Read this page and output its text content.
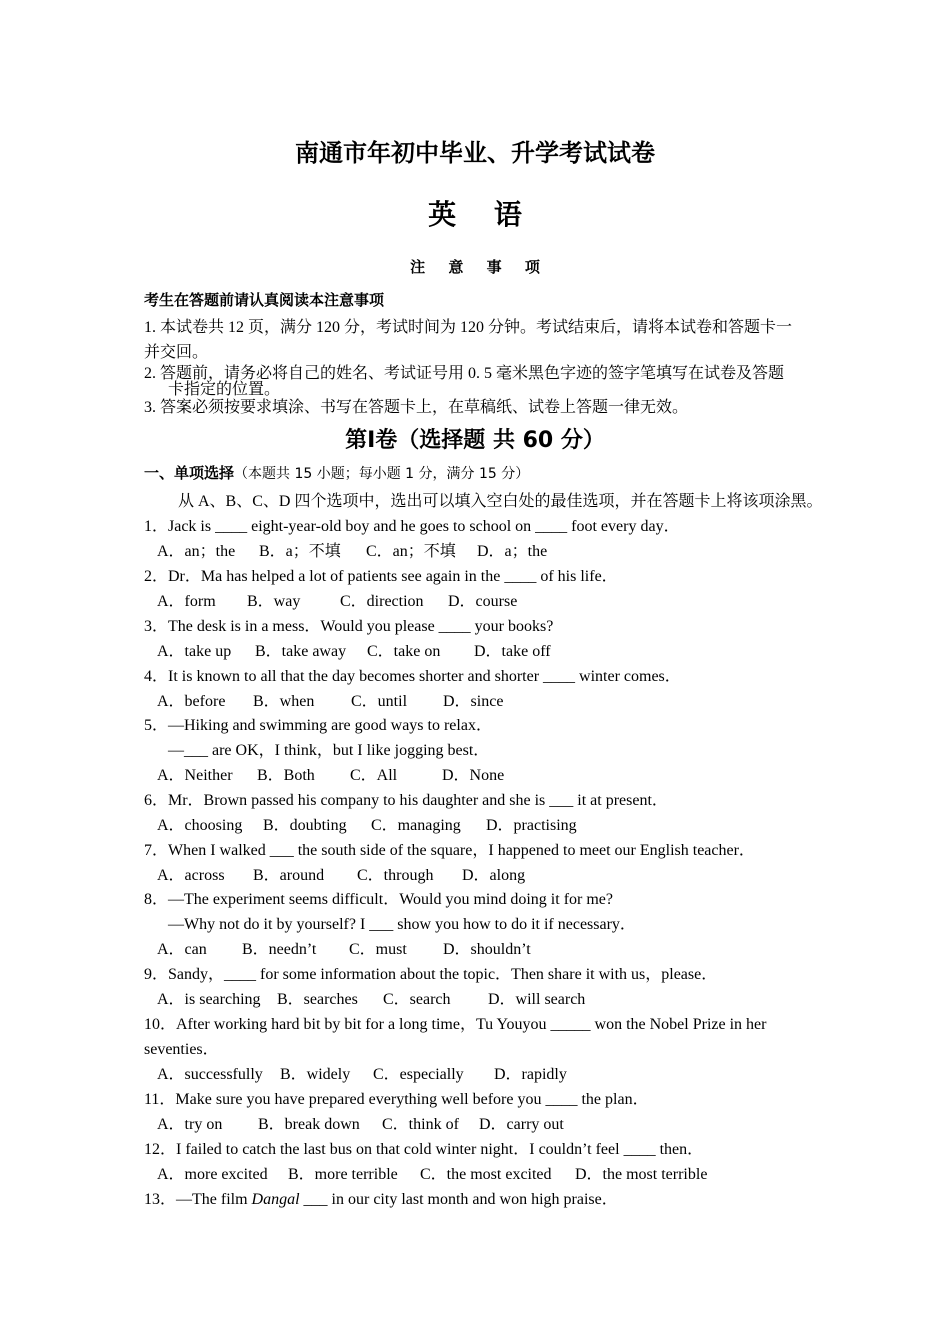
南通市年初中毕业、升学考试试卷
英 语
注 意 事 项
考生在答题前请认真阅读本注意事项
1. 本试卷共 12 页，满分 120 分，考试时间为 120 分钟。考试结束后，请将本试卷和答题卡一
并交回。
2. 答题前，请务必将自己的姓名、考试证号用 0. 5 毫米黑色字迹的签字笔填写在试卷及答题
卡指定的位置。
3. 答案必须按要求填涂、书写在答题卡上，在草稿纸、试卷上答题一律无效。
第Ⅰ卷（选择题 共 60 分）
一、单项选择（本题共 15 小题；每小题 1 分，满分 15 分）
从 A、B、C、D 四个选项中，选出可以填入空白处的最佳选项，并在答题卡上将该项涂黑。
1．Jack is ____ eight-year-old boy and he goes to school on ____ foot every day．
A．an；the B．a；不填 C．an；不填 D．a；the
2．Dr．Ma has helped a lot of patients see again in the ____ of his life．
A．form B．way C．direction D．course
3．The desk is in a mess．Would you please ____ your books?
A．take up B．take away C．take on D．take off
4．It is known to all that the day becomes shorter and shorter ____ winter comes．
A．before B．when C．until D．since
5．—Hiking and swimming are good ways to relax．
—___ are OK，I think，but I like jogging best．
A．Neither B．Both C．All	D．None
6．Mr．Brown passed his company to his daughter and she is ___ it at present．
A．choosing B．doubting C．managing D．practising
7．When I walked ___ the south side of the square，I happened to meet our English teacher．
A．across B．around C．through D．along
8．—The experiment seems difficult．Would you mind doing it for me?
—Why not do it by yourself? I ___ show you how to do it if necessary．
A．can B．needn’t C．must D．shouldn’t
9．Sandy，____ for some information about the topic．Then share it with us，please．
A．is searching B．searches C．search D．will search
10．After working hard bit by bit for a long time，Tu Youyou _____ won the Nobel Prize in her
seventies．
A．successfully B．widely C．especially D．rapidly
11．Make sure you have prepared everything well before you ____ the plan．
A．try on B．break down C．think of D．carry out
12．I failed to catch the last bus on that cold winter night．I couldn’t feel ____ then．
A．more excited B．more terrible C．the most excited D．the most terrible
13．—The film Dangal ___ in our city last month and won high praise．
